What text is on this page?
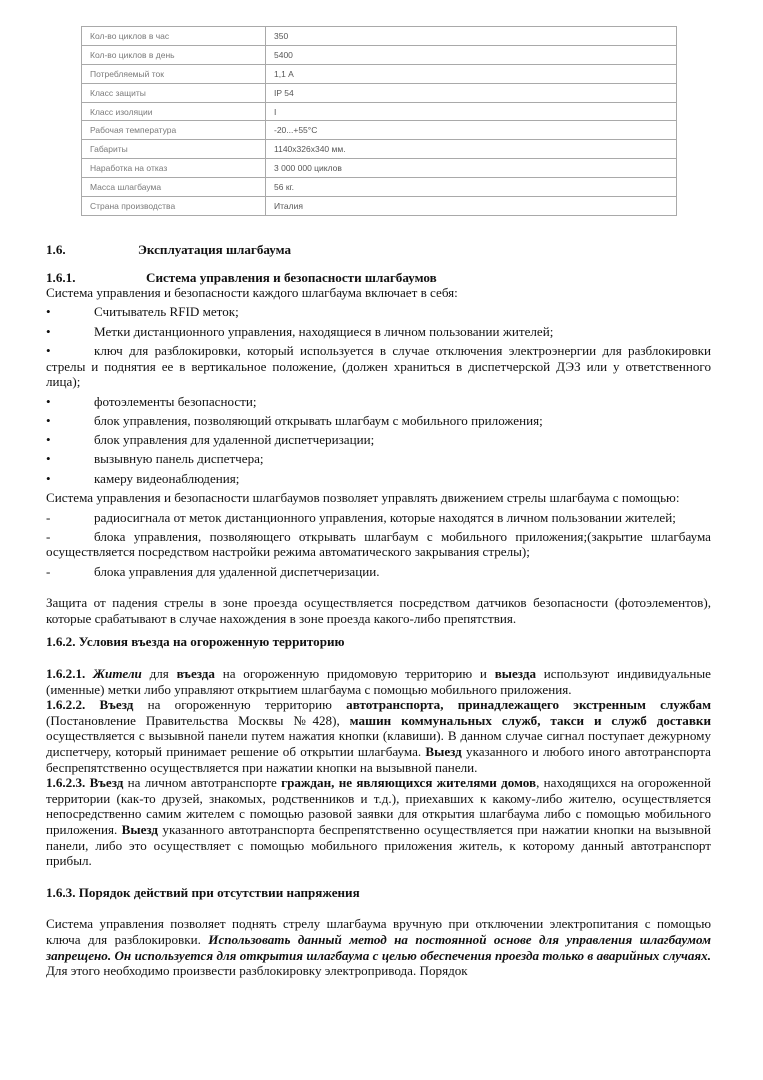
Кол-во циклов в час	350
Кол-во циклов в день	5400
Потребляемый ток	1,1 А
Класс защиты	IP 54
Класс изоляции	I
Рабочая температура	-20...+55°С
Габариты	1140х326х340 мм.
Наработка на отказ	3 000 000 циклов
Масса шлагбаума	56 кг.
Страна производства	Италия

1.6.	Эксплуатация шлагбаума

1.6.1.	Система управления и безопасности шлагбаумов

Система управления и безопасности каждого шлагбаума включает в себя:

•	Считыватель RFID меток;
•	Метки дистанционного управления, находящиеся в личном пользовании жителей;
•	ключ для разблокировки, который используется в случае отключения электроэнергии для разблокировки стрелы и поднятия ее в вертикальное положение, (должен храниться в диспетчерской ДЭЗ или у ответственного лица);
•	фотоэлементы безопасности;
•	блок управления, позволяющий открывать шлагбаум с мобильного приложения;
•	блок управления для удаленной диспетчеризации;
•	вызывную панель диспетчера;
•	камеру видеонаблюдения;

Система управления и безопасности шлагбаумов позволяет управлять движением стрелы шлагбаума с помощью:

-	радиосигнала от меток дистанционного управления, которые находятся в личном пользовании жителей;
-	блока управления, позволяющего открывать шлагбаум с мобильного приложения;(закрытие шлагбаума осуществляется посредством настройки режима автоматического закрывания стрелы);
-	блока управления для удаленной диспетчеризации.

Защита от падения стрелы в зоне проезда осуществляется посредством датчиков безопасности (фотоэлементов), которые срабатывают в случае нахождения в зоне проезда какого-либо препятствия.

1.6.2. Условия въезда на огороженную территорию

1.6.2.1. Жители для въезда на огороженную придомовую территорию и выезда используют индивидуальные (именные) метки либо управляют открытием шлагбаума с помощью мобильного приложения.

1.6.2.2. Въезд на огороженную территорию автотранспорта, принадлежащего экстренным службам (Постановление Правительства Москвы №428), машин коммунальных служб, такси и служб доставки осуществляется с вызывной панели путем нажатия кнопки (клавиши). В данном случае сигнал поступает дежурному диспетчеру, который принимает решение об открытии шлагбаума. Выезд указанного и любого иного автотранспорта беспрепятственно осуществляется при нажатии кнопки на вызывной панели.

1.6.2.3. Въезд на личном автотранспорте граждан, не являющихся жителями домов, находящихся на огороженной территории (как-то друзей, знакомых, родственников и т.д.), приехавших к какому-либо жителю, осуществляется непосредственно самим жителем с помощью разовой заявки для открытия шлагбаума либо с помощью мобильного приложения. Выезд указанного автотранспорта беспрепятственно осуществляется при нажатии кнопки на вызывной панели, либо это осуществляет с помощью мобильного приложения житель, к которому данный автотранспорт прибыл.

1.6.3. Порядок действий при отсутствии напряжения

Система управления позволяет поднять стрелу шлагбаума вручную при отключении электропитания с помощью ключа для разблокировки. Использовать данный метод на постоянной основе для управления шлагбаумом запрещено. Он используется для открытия шлагбаума с целью обеспечения проезда только в аварийных случаях. Для этого необходимо произвести разблокировку электропривода. Порядок
